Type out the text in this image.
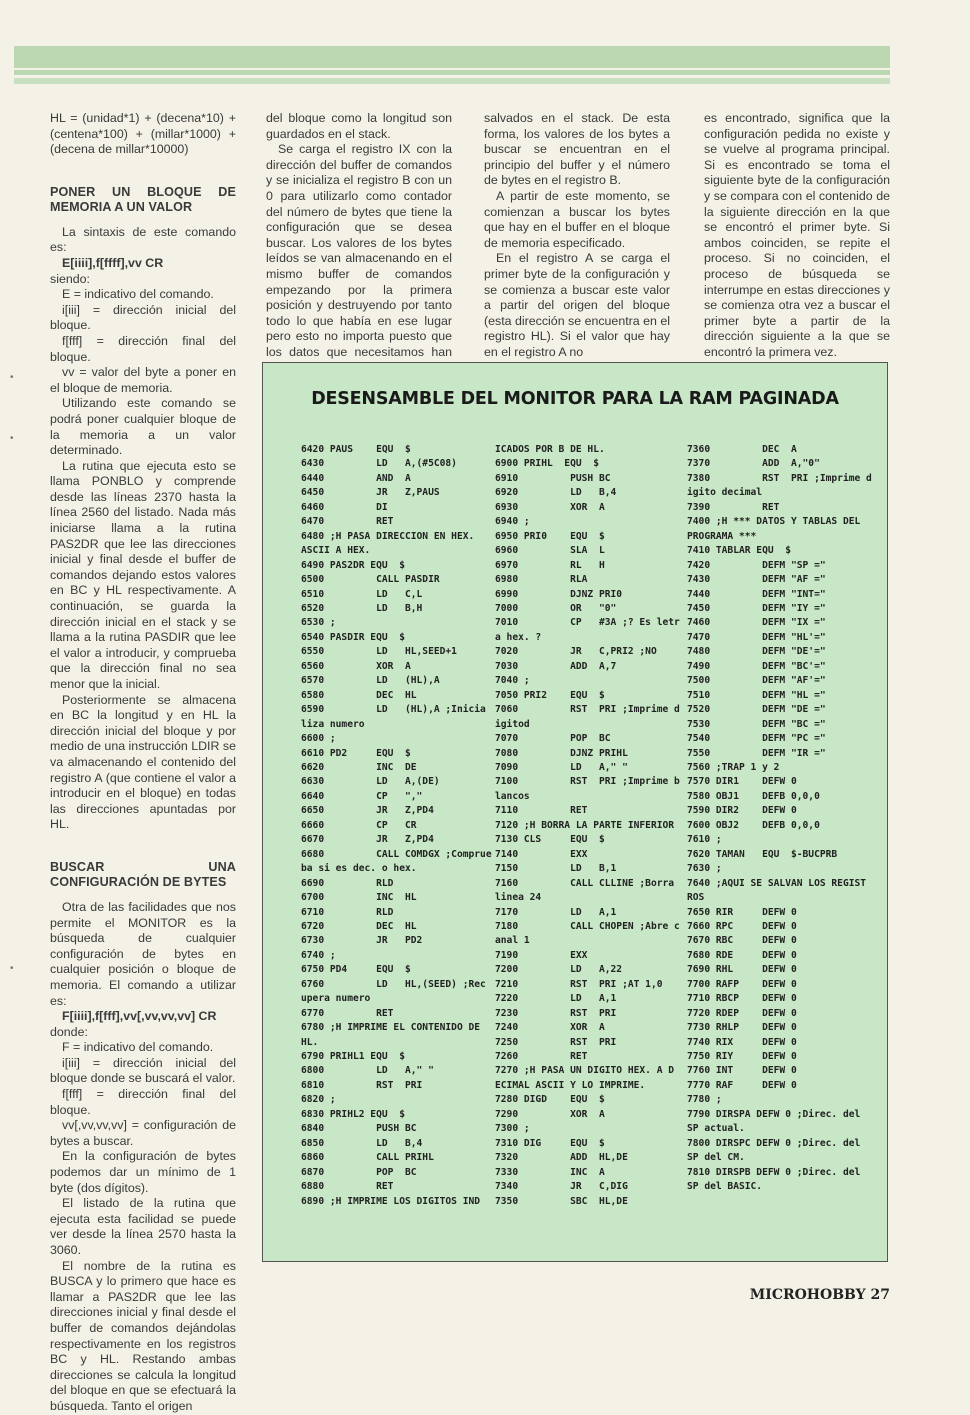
•
•
•

HL = (unidad*1) + (decena*10) + (centena*100) + (millar*1000) + (decena de millar*10000)

PONER UN BLOQUE DE MEMORIA A UN VALOR

La sintaxis de este comando es:

E[iiii],f[ffff],vv CR

siendo:

E = indicativo del comando.

i[iii] = dirección inicial del bloque.

f[fff] = dirección final del bloque.

vv = valor del byte a poner en el bloque de memoria.

Utilizando este comando se podrá poner cualquier bloque de la memoria a un valor determinado.

La rutina que ejecuta esto se llama PONBLO y comprende desde las líneas 2370 hasta la línea 2560 del listado. Nada más iniciarse llama a la rutina PAS2DR que lee las direcciones inicial y final desde el buffer de comandos dejando estos valores en BC y HL respectivamente. A continuación, se guarda la dirección inicial en el stack y se llama a la rutina PASDIR que lee el valor a introducir, y comprueba que la dirección final no sea menor que la inicial.

Posteriormente se almacena en BC la longitud y en HL la dirección inicial del bloque y por medio de una instrucción LDIR se va almacenando el contenido del registro A (que contiene el valor a introducir en el bloque) en todas las direcciones apuntadas por HL.

BUSCAR UNA CONFIGURACIÓN DE BYTES

Otra de las facilidades que nos permite el MONITOR es la búsqueda de cualquier configuración de bytes en cualquier posición o bloque de memoria. El comando a utilizar es:

F[iiii],f[fff],vv[,vv,vv,vv] CR

donde:

F = indicativo del comando.

i[iii] = dirección inicial del bloque donde se buscará el valor.

f[fff] = dirección final del bloque.

vv[,vv,vv,vv] = configuración de bytes a buscar.

En la configuración de bytes podemos dar un mínimo de 1 byte (dos dígitos).

El listado de la rutina que ejecuta esta facilidad se puede ver desde la línea 2570 hasta la 3060.

El nombre de la rutina es BUSCA y lo primero que hace es llamar a PAS2DR que lee las direcciones inicial y final desde el buffer de comandos dejándolas respectivamente en los registros BC y HL. Restando ambas direcciones se calcula la longitud del bloque en que se efectuará la búsqueda. Tanto el origen

del bloque como la longitud son guardados en el stack.

Se carga el registro IX con la dirección del buffer de comandos y se inicializa el registro B con un 0 para utilizarlo como contador del número de bytes que tiene la configuración que se desea buscar. Los valores de los bytes leídos se van almacenando en el mismo buffer de comandos empezando por la primera posición y destruyendo por tanto todo lo que había en ese lugar pero esto no importa puesto que los datos que necesitamos han

salvados en el stack. De esta forma, los valores de los bytes a buscar se encuentran en el principio del buffer y el número de bytes en el registro B.

A partir de este momento, se comienzan a buscar los bytes que hay en el buffer en el bloque de memoria especificado.

En el registro A se carga el primer byte de la configuración y se comienza a buscar este valor a partir del origen del bloque (esta dirección se encuentra en el registro HL). Si el valor que hay en el registro A no

es encontrado, significa que la configuración pedida no existe y se vuelve al programa principal. Si es encontrado se toma el siguiente byte de la configuración y se compara con el contenido de la siguiente dirección en la que se encontró el primer byte. Si ambos coinciden, se repite el proceso. Si no coinciden, el proceso de búsqueda se interrumpe en estas direcciones y se comienza otra vez a buscar el primer byte a partir de la dirección siguiente a la que se encontró la primera vez.

DESENSAMBLE DEL MONITOR PARA LA RAM PAGINADA
6420 PAUS    EQU  $
6430         LD   A,(#5C08)
6440         AND  A
6450         JR   Z,PAUS
6460         DI
6470         RET
6480 ;H PASA DIRECCION EN HEX.
ASCII A HEX.
6490 PAS2DR EQU  $
6500         CALL PASDIR
6510         LD   C,L
6520         LD   B,H
6530 ;
6540 PASDIR EQU  $
6550         LD   HL,SEED+1
6560         XOR  A
6570         LD   (HL),A
6580         DEC  HL
6590         LD   (HL),A ;Inicia
liza numero
6600 ;
6610 PD2     EQU  $
6620         INC  DE
6630         LD   A,(DE)
6640         CP   ","
6650         JR   Z,PD4
6660         CP   CR
6670         JR   Z,PD4
6680         CALL COMDGX ;Comprue
ba si es dec. o hex.
6690         RLD
6700         INC  HL
6710         RLD
6720         DEC  HL
6730         JR   PD2
6740 ;
6750 PD4     EQU  $
6760         LD   HL,(SEED) ;Rec
upera numero
6770         RET
6780 ;H IMPRIME EL CONTENIDO DE
HL.
6790 PRIHL1 EQU  $
6800         LD   A," "
6810         RST  PRI
6820 ;
6830 PRIHL2 EQU  $
6840         PUSH BC
6850         LD   B,4
6860         CALL PRIHL
6870         POP  BC
6880         RET
6890 ;H IMPRIME LOS DIGITOS IND
ICADOS POR B DE HL.
6900 PRIHL  EQU  $
6910         PUSH BC
6920         LD   B,4
6930         XOR  A
6940 ;
6950 PRI0    EQU  $
6960         SLA  L
6970         RL   H
6980         RLA
6990         DJNZ PRI0
7000         OR   "0"
7010         CP   #3A ;? Es letr
a hex. ?
7020         JR   C,PRI2 ;NO
7030         ADD  A,7
7040 ;
7050 PRI2    EQU  $
7060         RST  PRI ;Imprime d
igitod
7070         POP  BC
7080         DJNZ PRIHL
7090         LD   A," "
7100         RST  PRI ;Imprime b
lancos
7110         RET
7120 ;H BORRA LA PARTE INFERIOR
7130 CLS     EQU  $
7140         EXX
7150         LD   B,1
7160         CALL CLLINE ;Borra
linea 24
7170         LD   A,1
7180         CALL CHOPEN ;Abre c
anal 1
7190         EXX
7200         LD   A,22
7210         RST  PRI ;AT 1,0
7220         LD   A,1
7230         RST  PRI
7240         XOR  A
7250         RST  PRI
7260         RET
7270 ;H PASA UN DIGITO HEX. A D
ECIMAL ASCII Y LO IMPRIME.
7280 DIGD    EQU  $
7290         XOR  A
7300 ;
7310 DIG     EQU  $
7320         ADD  HL,DE
7330         INC  A
7340         JR   C,DIG
7350         SBC  HL,DE
7360         DEC  A
7370         ADD  A,"0"
7380         RST  PRI ;Imprime d
igito decimal
7390         RET
7400 ;H *** DATOS Y TABLAS DEL
PROGRAMA ***
7410 TABLAR EQU  $
7420         DEFM "SP ="
7430         DEFM "AF ="
7440         DEFM "INT="
7450         DEFM "IY ="
7460         DEFM "IX ="
7470         DEFM "HL'="
7480         DEFM "DE'="
7490         DEFM "BC'="
7500         DEFM "AF'="
7510         DEFM "HL ="
7520         DEFM "DE ="
7530         DEFM "BC ="
7540         DEFM "PC ="
7550         DEFM "IR ="
7560 ;TRAP 1 y 2
7570 DIR1    DEFW 0
7580 OBJ1    DEFB 0,0,0
7590 DIR2    DEFW 0
7600 OBJ2    DEFB 0,0,0
7610 ;
7620 TAMAN   EQU  $-BUCPRB
7630 ;
7640 ;AQUI SE SALVAN LOS REGIST
ROS
7650 RIR     DEFW 0
7660 RPC     DEFW 0
7670 RBC     DEFW 0
7680 RDE     DEFW 0
7690 RHL     DEFW 0
7700 RAFP    DEFW 0
7710 RBCP    DEFW 0
7720 RDEP    DEFW 0
7730 RHLP    DEFW 0
7740 RIX     DEFW 0
7750 RIY     DEFW 0
7760 INT     DEFW 0
7770 RAF     DEFW 0
7780 ;
7790 DIRSPA DEFW 0 ;Direc. del
SP actual.
7800 DIRSPC DEFW 0 ;Direc. del
SP del CM.
7810 DIRSPB DEFW 0 ;Direc. del
SP del BASIC.
MICROHOBBY 27
